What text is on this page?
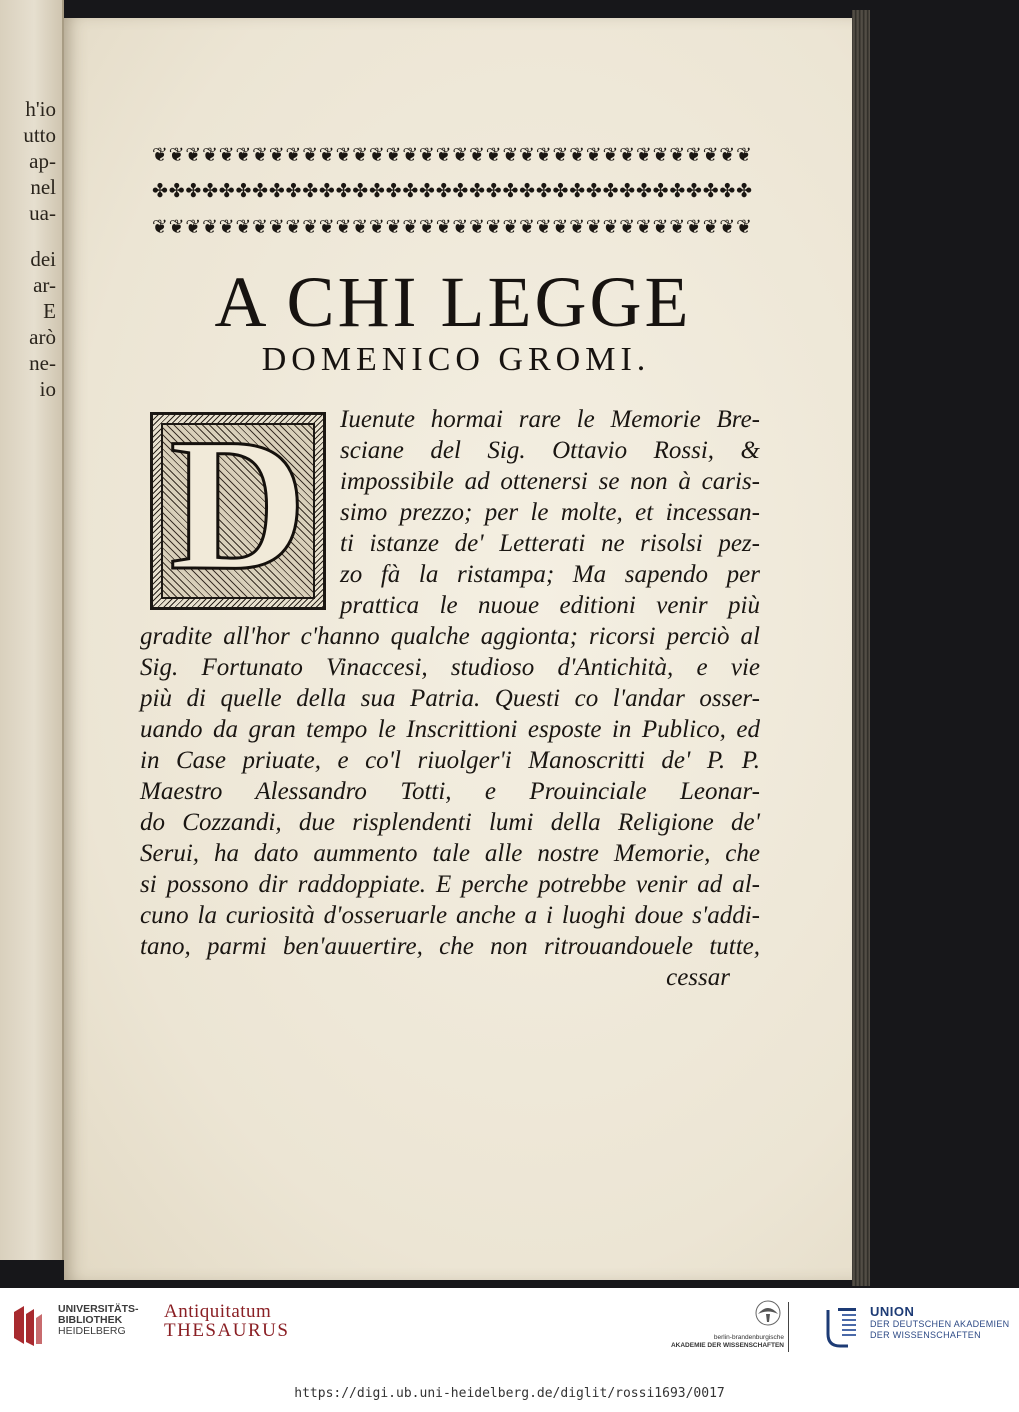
h'io
utto
ap-
nel
ua-
dei
ar-
E
arò
ne-
io
❦ ❦ ❦ ❦ ❦ ❦ ❦ ❦ ❦ ❦ ❦ ❦ ❦ ❦ ❦ ❦ ❦ ❦ ❦ ❦ ❦ ❦ ❦ ❦ ❦ ❦ ❦ ❦ ❦ ❦ ❦ ❦ ❦ ❦ ❦ ❦
✤ ✤ ✤ ✤ ✤ ✤ ✤ ✤ ✤ ✤ ✤ ✤ ✤ ✤ ✤ ✤ ✤ ✤ ✤ ✤ ✤ ✤ ✤ ✤ ✤ ✤ ✤ ✤ ✤ ✤ ✤ ✤ ✤ ✤ ✤ ✤
❦ ❦ ❦ ❦ ❦ ❦ ❦ ❦ ❦ ❦ ❦ ❦ ❦ ❦ ❦ ❦ ❦ ❦ ❦ ❦ ❦ ❦ ❦ ❦ ❦ ❦ ❦ ❦ ❦ ❦ ❦ ❦ ❦ ❦ ❦ ❦
A CHI LEGGE
DOMENICO GROMI.
D	Iuenute hormai rare le Memorie Bre-
sciane del Sig. Ottavio Rossi, &
impossibile ad ottenersi se non à caris-
simo prezzo; per le molte, et incessan-
ti istanze de' Letterati ne risolsi pez-
zo fà la ristampa; Ma sapendo per
prattica le nuoue editioni venir più
gradite all'hor c'hanno qualche aggionta; ricorsi perciò al
Sig. Fortunato Vinaccesi, studioso d'Antichità, e vie
più di quelle della sua Patria. Questi co l'andar osser-
uando da gran tempo le Inscrittioni esposte in Publico, ed
in Case priuate, e co'l riuolger'i Manoscritti de' P. P.
Maestro Alessandro Totti, e Prouinciale Leonar-
do Cozzandi, due risplendenti lumi della Religione de'
Serui, ha dato aummento tale alle nostre Memorie, che
si possono dir raddoppiate. E perche potrebbe venir ad al-
cuno la curiosità d'osseruarle anche a i luoghi doue s'addi-
tano, parmi ben'auuertire, che non ritrouandouele tutte,
cessar
UNIVERSITÄTS-
BIBLIOTHEK
HEIDELBERG
Antiquitatum
THESAURUS	berlin-brandenburgische
AKADEMIE DER WISSENSCHAFTEN
UNION
DER DEUTSCHEN AKADEMIEN
DER WISSENSCHAFTEN
https://digi.ub.uni-heidelberg.de/diglit/rossi1693/0017
